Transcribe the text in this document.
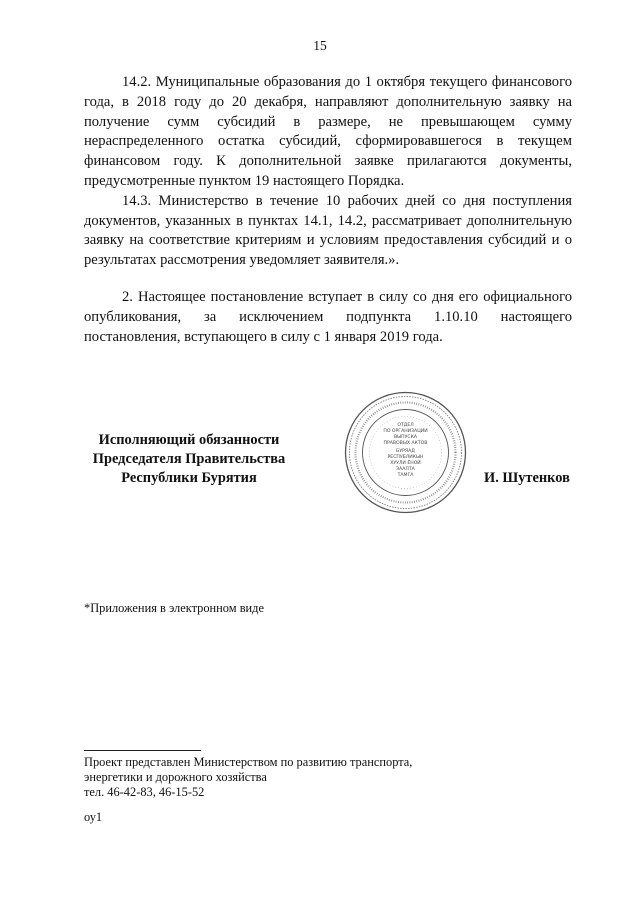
15

14.2. Муниципальные образования до 1 октября текущего финансового года, в 2018 году до 20 декабря, направляют дополнительную заявку на получение сумм субсидий в размере, не превышающем сумму нераспределенного остатка субсидий, сформировавшегося в текущем финансовом году. К дополнительной заявке прилагаются документы, предусмотренные пунктом 19 настоящего Порядка.

14.3. Министерство в течение 10 рабочих дней со дня поступления документов, указанных в пунктах 14.1, 14.2, рассматривает дополнительную заявку на соответствие критериям и условиям предоставления субсидий и о результатах рассмотрения уведомляет заявителя.».

2. Настоящее постановление вступает в силу со дня его официального опубликования, за исключением подпункта 1.10.10 настоящего постановления, вступающего в силу с 1 января 2019 года.

Исполняющий обязанности
Председателя Правительства
Республики Бурятия
ОТДЕЛ
ПО ОРГАНИЗАЦИИ
ВЫПУСКА
ПРАВОВЫХ АКТОВ
БУРЯАД
РЕСПУБЛИКЫН
ХУУЛИ ЁНОЙ
ЗААЛТА
ТАМГА	И. Шутенков
*Приложения в электронном виде
Проект представлен Министерством по развитию транспорта,
энергетики и дорожного хозяйства
тел. 46-42-83, 46-15-52
оу1
